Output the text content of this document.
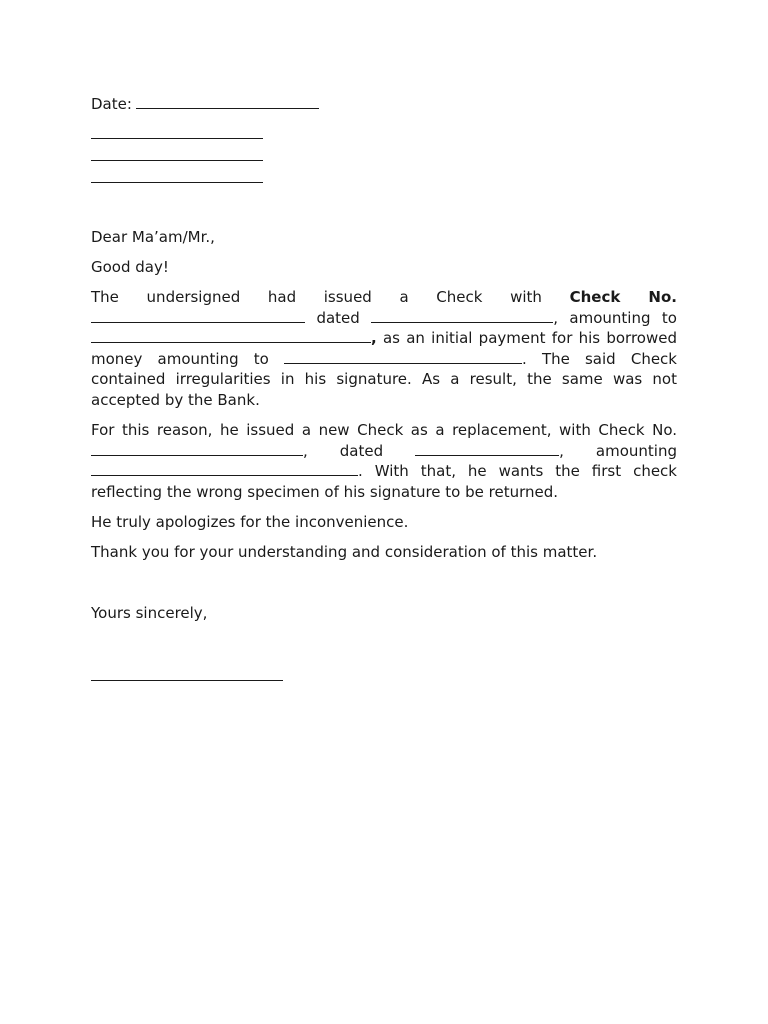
Date:

Dear Ma’am/Mr.,

Good day!

The undersigned had issued a Check with Check No.  dated	, amounting to , as an initial payment for his borrowed money amounting to	. The said Check contained irregularities in his signature. As a result, the same was not accepted by the Bank.

For this reason, he issued a new Check as a replacement, with Check No. , dated	, amounting . With that, he wants the first check reflecting the wrong specimen of his signature to be returned.

He truly apologizes for the inconvenience.

Thank you for your understanding and consideration of this matter.

Yours sincerely,
